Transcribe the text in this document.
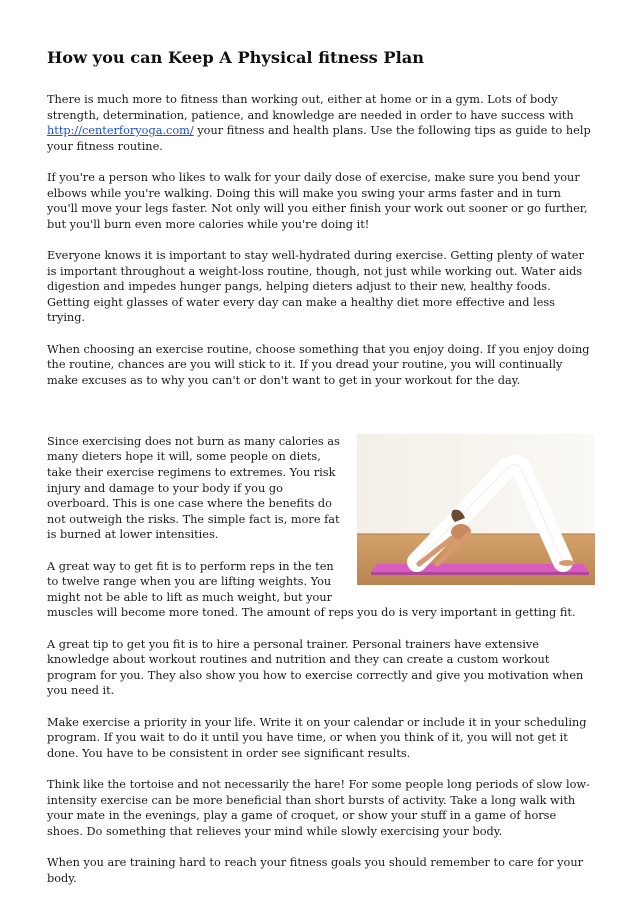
How you can Keep A Physical fitness Plan

There is much more to fitness than working out, either at home or in a gym. Lots of body strength, determination, patience, and knowledge are needed in order to have success with http://centerforyoga.com/ your fitness and health plans. Use the following tips as guide to help your fitness routine.

If you're a person who likes to walk for your daily dose of exercise, make sure you bend your elbows while you're walking. Doing this will make you swing your arms faster and in turn you'll move your legs faster. Not only will you either finish your work out sooner or go further, but you'll burn even more calories while you're doing it!

Everyone knows it is important to stay well-hydrated during exercise. Getting plenty of water is important throughout a weight-loss routine, though, not just while working out. Water aids digestion and impedes hunger pangs, helping dieters adjust to their new, healthy foods. Getting eight glasses of water every day can make a healthy diet more effective and less trying.

When choosing an exercise routine, choose something that you enjoy doing. If you enjoy doing the routine, chances are you will stick to it. If you dread your routine, you will continually make excuses as to why you can't or don't want to get in your workout for the day.

Since exercising does not burn as many calories as many dieters hope it will, some people on diets, take their exercise regimens to extremes. You risk injury and damage to your body if you go overboard. This is one case where the benefits do not outweigh the risks. The simple fact is, more fat is burned at lower intensities.

A great way to get fit is to perform reps in the ten to twelve range when you are lifting weights. You might not be able to lift as much weight, but your muscles will become more toned. The amount of reps you do is very important in getting fit.

A great tip to get you fit is to hire a personal trainer. Personal trainers have extensive knowledge about workout routines and nutrition and they can create a custom workout program for you. They also show you how to exercise correctly and give you motivation when you need it.

Make exercise a priority in your life. Write it on your calendar or include it in your scheduling program. If you wait to do it until you have time, or when you think of it, you will not get it done. You have to be consistent in order see significant results.

Think like the tortoise and not necessarily the hare! For some people long periods of slow low-intensity exercise can be more beneficial than short bursts of activity. Take a long walk with your mate in the evenings, play a game of croquet, or show your stuff in a game of horse shoes. Do something that relieves your mind while slowly exercising your body.

When you are training hard to reach your fitness goals you should remember to care for your body.
